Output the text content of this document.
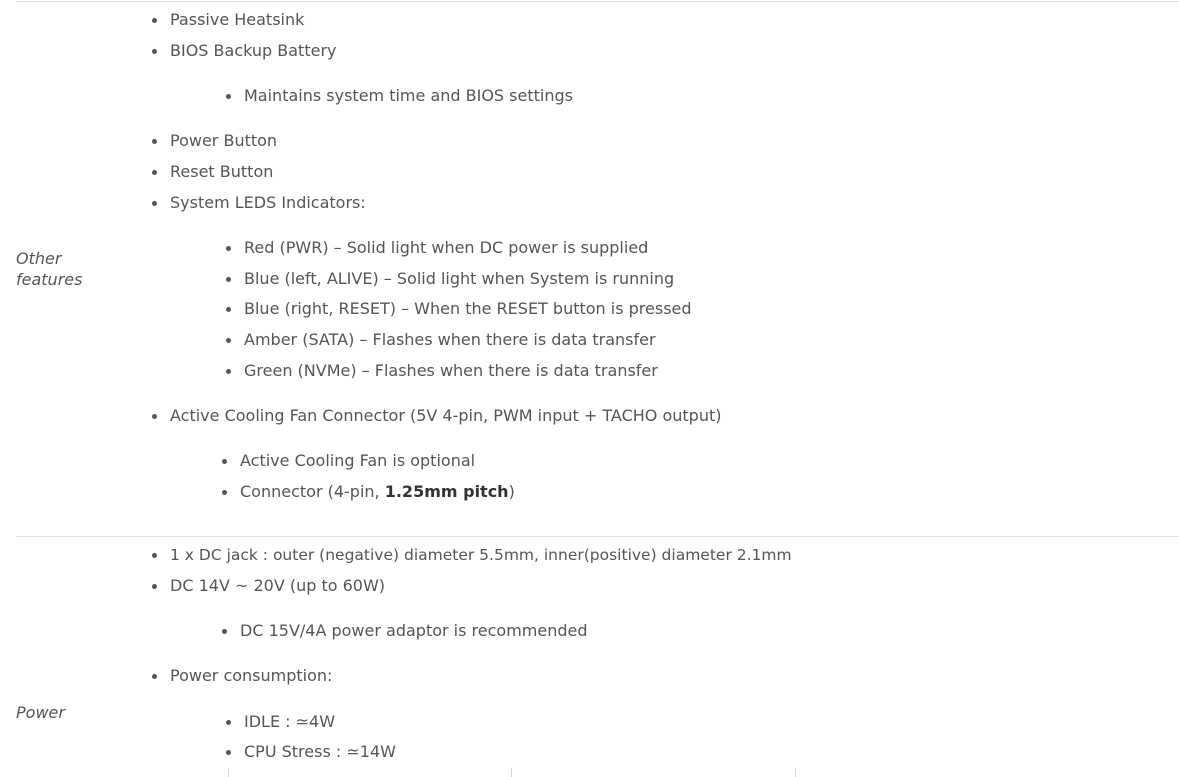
Other
features
Passive Heatsink
BIOS Backup Battery
Maintains system time and BIOS settings
Power Button
Reset Button
System LEDS Indicators:
Red (PWR) – Solid light when DC power is supplied
Blue (left, ALIVE) – Solid light when System is running
Blue (right, RESET) – When the RESET button is pressed
Amber (SATA) – Flashes when there is data transfer
Green (NVMe) – Flashes when there is data transfer
Active Cooling Fan Connector (5V 4-pin, PWM input + TACHO output)
Active Cooling Fan is optional
Connector (4-pin, 1.25mm pitch)
Power
1 x DC jack : outer (negative) diameter 5.5mm, inner(positive) diameter 2.1mm
DC 14V ~ 20V (up to 60W)
DC 15V/4A power adaptor is recommended
Power consumption:
IDLE : ≃4W
CPU Stress : ≃14W
